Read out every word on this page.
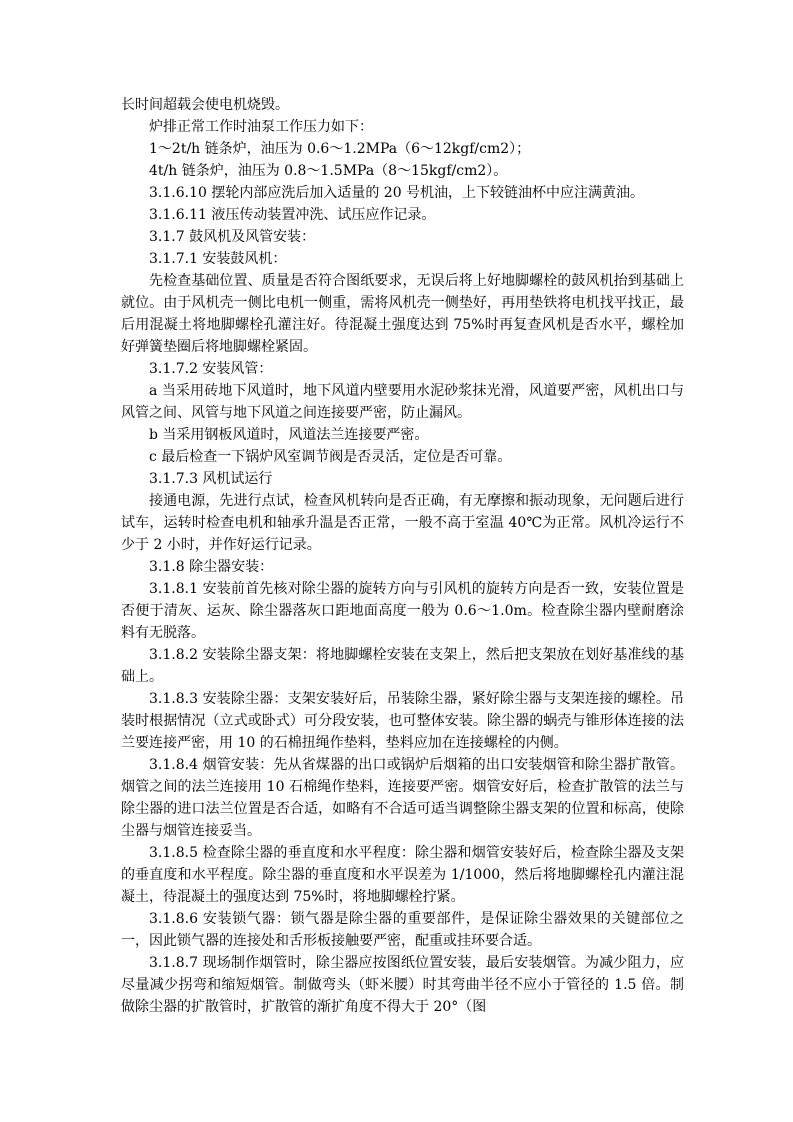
长时间超载会使电机烧毁。

炉排正常工作时油泵工作压力如下：

1～2t/h 链条炉，油压为 0.6～1.2MPa（6～12kgf/cm2）；

4t/h 链条炉，油压为 0.8～1.5MPa（8～15kgf/cm2）。

3.1.6.10 摆轮内部应洗后加入适量的 20 号机油，上下较链油杯中应注满黄油。

3.1.6.11 液压传动装置冲洗、试压应作记录。

3.1.7 鼓风机及风管安装：

3.1.7.1 安装鼓风机：

先检查基础位置、质量是否符合图纸要求，无误后将上好地脚螺栓的鼓风机抬到基础上就位。由于风机壳一侧比电机一侧重，需将风机壳一侧垫好，再用垫铁将电机找平找正，最后用混凝土将地脚螺栓孔灌注好。待混凝土强度达到 75%时再复查风机是否水平，螺栓加好弹簧垫圈后将地脚螺栓紧固。

3.1.7.2 安装风管：

a 当采用砖地下风道时，地下风道内壁要用水泥砂浆抹光滑，风道要严密，风机出口与风管之间、风管与地下风道之间连接要严密，防止漏风。

b 当采用钢板风道时，风道法兰连接要严密。

c 最后检查一下锅炉风室调节阀是否灵活，定位是否可靠。

3.1.7.3 风机试运行

接通电源，先进行点试，检查风机转向是否正确，有无摩擦和振动现象，无问题后进行试车，运转时检查电机和轴承升温是否正常，一般不高于室温 40℃为正常。风机冷运行不少于 2 小时，并作好运行记录。

3.1.8 除尘器安装：

3.1.8.1 安装前首先核对除尘器的旋转方向与引风机的旋转方向是否一致，安装位置是否便于清灰、运灰、除尘器落灰口距地面高度一般为 0.6～1.0m。检查除尘器内壁耐磨涂料有无脱落。

3.1.8.2 安装除尘器支架：将地脚螺栓安装在支架上，然后把支架放在划好基准线的基础上。

3.1.8.3 安装除尘器：支架安装好后，吊装除尘器，紧好除尘器与支架连接的螺栓。吊装时根据情况（立式或卧式）可分段安装，也可整体安装。除尘器的蜗壳与锥形体连接的法兰要连接严密，用 10 的石棉扭绳作垫料，垫料应加在连接螺栓的内侧。

3.1.8.4 烟管安装：先从省煤器的出口或锅炉后烟箱的出口安装烟管和除尘器扩散管。烟管之间的法兰连接用 10 石棉绳作垫料，连接要严密。烟管安好后，检查扩散管的法兰与除尘器的进口法兰位置是否合适，如略有不合适可适当调整除尘器支架的位置和标高，使除尘器与烟管连接妥当。

3.1.8.5 检查除尘器的垂直度和水平程度：除尘器和烟管安装好后，检查除尘器及支架的垂直度和水平程度。除尘器的垂直度和水平误差为 1/1000，然后将地脚螺栓孔内灌注混凝土，待混凝土的强度达到 75%时，将地脚螺栓拧紧。

3.1.8.6 安装锁气器：锁气器是除尘器的重要部件，是保证除尘器效果的关键部位之一，因此锁气器的连接处和舌形板接触要严密，配重或挂环要合适。

3.1.8.7 现场制作烟管时，除尘器应按图纸位置安装，最后安装烟管。为减少阻力，应尽量减少拐弯和缩短烟管。制做弯头（虾米腰）时其弯曲半径不应小于管径的 1.5 倍。制做除尘器的扩散管时，扩散管的渐扩角度不得大于 20°（图
